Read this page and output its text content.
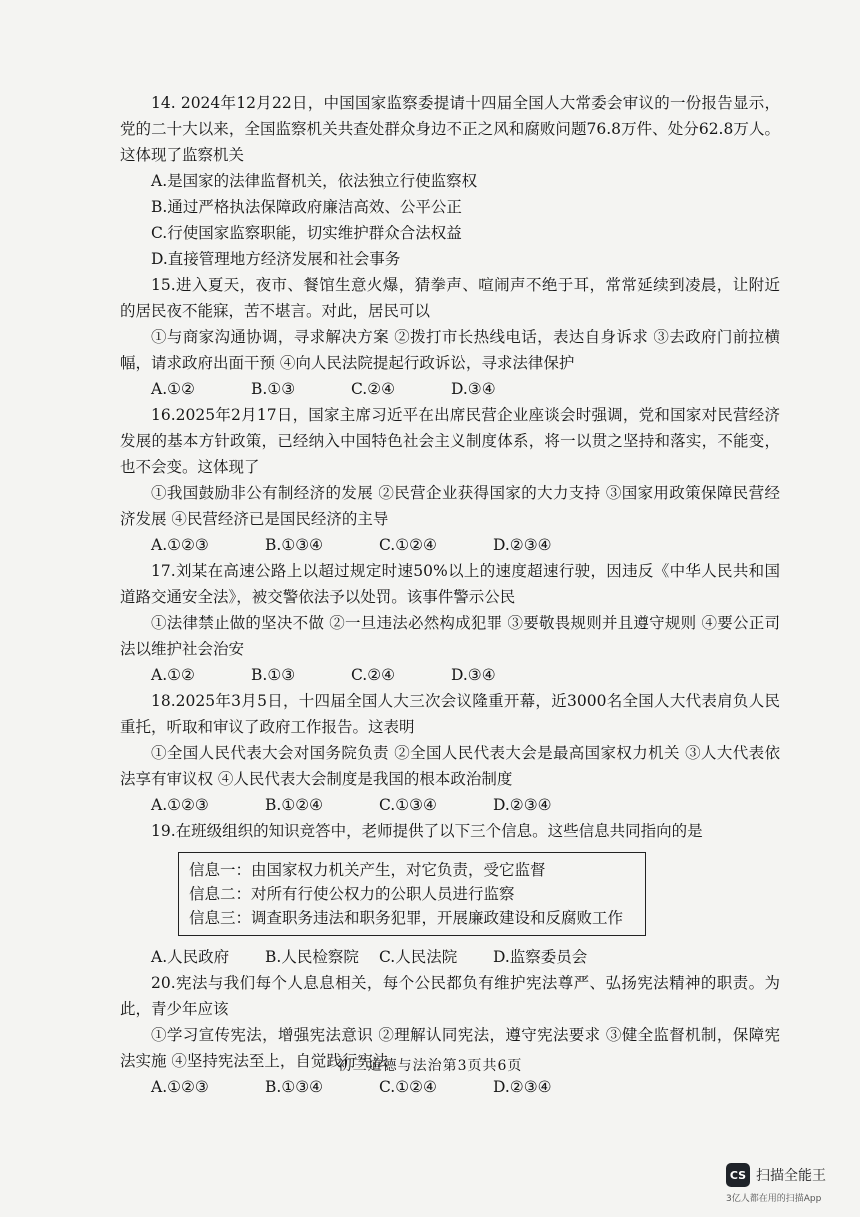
14. 2024年12月22日，中国国家监察委提请十四届全国人大常委会审议的一份报告显示，党的二十大以来，全国监察机关共查处群众身边不正之风和腐败问题76.8万件、处分62.8万人。这体现了监察机关

A.是国家的法律监督机关，依法独立行使监察权
B.通过严格执法保障政府廉洁高效、公平公正
C.行使国家监察职能，切实维护群众合法权益
D.直接管理地方经济发展和社会事务

15.进入夏天，夜市、餐馆生意火爆，猜拳声、喧闹声不绝于耳，常常延续到凌晨，让附近的居民夜不能寐，苦不堪言。对此，居民可以

①与商家沟通协调，寻求解决方案 ②拨打市长热线电话，表达自身诉求 ③去政府门前拉横幅，请求政府出面干预 ④向人民法院提起行政诉讼，寻求法律保护

A.①②	B.①③	C.②④	D.③④

16.2025年2月17日，国家主席习近平在出席民营企业座谈会时强调，党和国家对民营经济发展的基本方针政策，已经纳入中国特色社会主义制度体系，将一以贯之坚持和落实，不能变，也不会变。这体现了

①我国鼓励非公有制经济的发展 ②民营企业获得国家的大力支持 ③国家用政策保障民营经济发展 ④民营经济已是国民经济的主导

A.①②③	B.①③④	C.①②④	D.②③④

17.刘某在高速公路上以超过规定时速50%以上的速度超速行驶，因违反《中华人民共和国道路交通安全法》，被交警依法予以处罚。该事件警示公民

①法律禁止做的坚决不做 ②一旦违法必然构成犯罪 ③要敬畏规则并且遵守规则 ④要公正司法以维护社会治安

A.①②	B.①③	C.②④	D.③④

18.2025年3月5日，十四届全国人大三次会议隆重开幕，近3000名全国人大代表肩负人民重托，听取和审议了政府工作报告。这表明

①全国人民代表大会对国务院负责 ②全国人民代表大会是最高国家权力机关 ③人大代表依法享有审议权 ④人民代表大会制度是我国的根本政治制度

A.①②③	B.①②④	C.①③④	D.②③④

19.在班级组织的知识竞答中，老师提供了以下三个信息。这些信息共同指向的是

信息一：由国家权力机关产生，对它负责，受它监督
信息二：对所有行使公权力的公职人员进行监察
信息三：调查职务违法和职务犯罪，开展廉政建设和反腐败工作

A.人民政府 B.人民检察院 C.人民法院 D.监察委员会

20.宪法与我们每个人息息相关，每个公民都负有维护宪法尊严、弘扬宪法精神的职责。为此，青少年应该

①学习宣传宪法，增强宪法意识 ②理解认同宪法，遵守宪法要求 ③健全监督机制，保障宪法实施 ④坚持宪法至上，自觉践行宪法

A.①②③	B.①③④	C.①②④	D.②③④

初三道德与法治第3页共6页
CS 扫描全能王
3亿人都在用的扫描App
